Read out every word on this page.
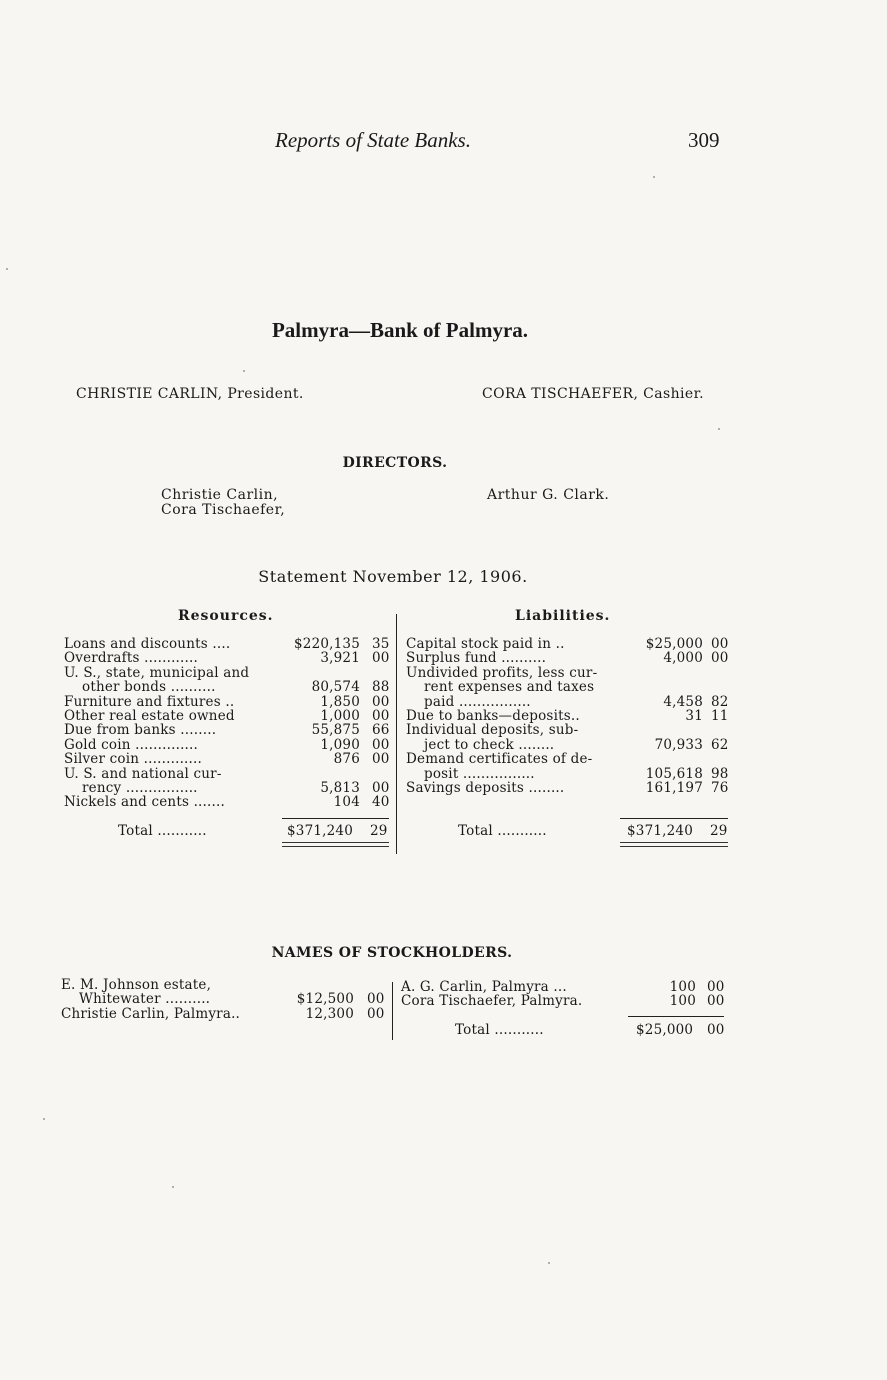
Reports of State Banks.	309
Palmyra—Bank of Palmyra.
CHRISTIE CARLIN, President.	CORA TISCHAEFER, Cashier.
DIRECTORS.
Christie Carlin,
Cora Tischaefer,
Arthur G. Clark.
Statement November 12, 1906.
Resources.	Liabilities.
Loans and discounts ....	$220,135 35
Overdrafts ............	3,921 00
U. S., state, municipal and
other bonds ..........	80,574 88
Furniture and fixtures ..	1,850 00
Other real estate owned	1,000 00
Due from banks ........	55,875 66
Gold coin ..............	1,090 00
Silver coin .............	876 00
U. S. and national cur-
rency ................	5,813 00
Nickels and cents .......	104 40
Total ...........	$371,240 29
Capital stock paid in ..	$25,000 00
Surplus fund ..........	4,000 00
Undivided profits, less cur-
rent expenses and taxes
paid ................	4,458 82
Due to banks—deposits..	31 11
Individual deposits, sub-
ject to check ........	70,933 62
Demand certificates of de-
posit ................	105,618 98
Savings deposits ........	161,197 76
Total ...........	$371,240 29
NAMES OF STOCKHOLDERS.
E. M. Johnson estate,
Whitewater ..........	$12,500 00
Christie Carlin, Palmyra..	12,300 00
A. G. Carlin, Palmyra ...	100 00
Cora Tischaefer, Palmyra.	100 00
Total ...........	$25,000 00
